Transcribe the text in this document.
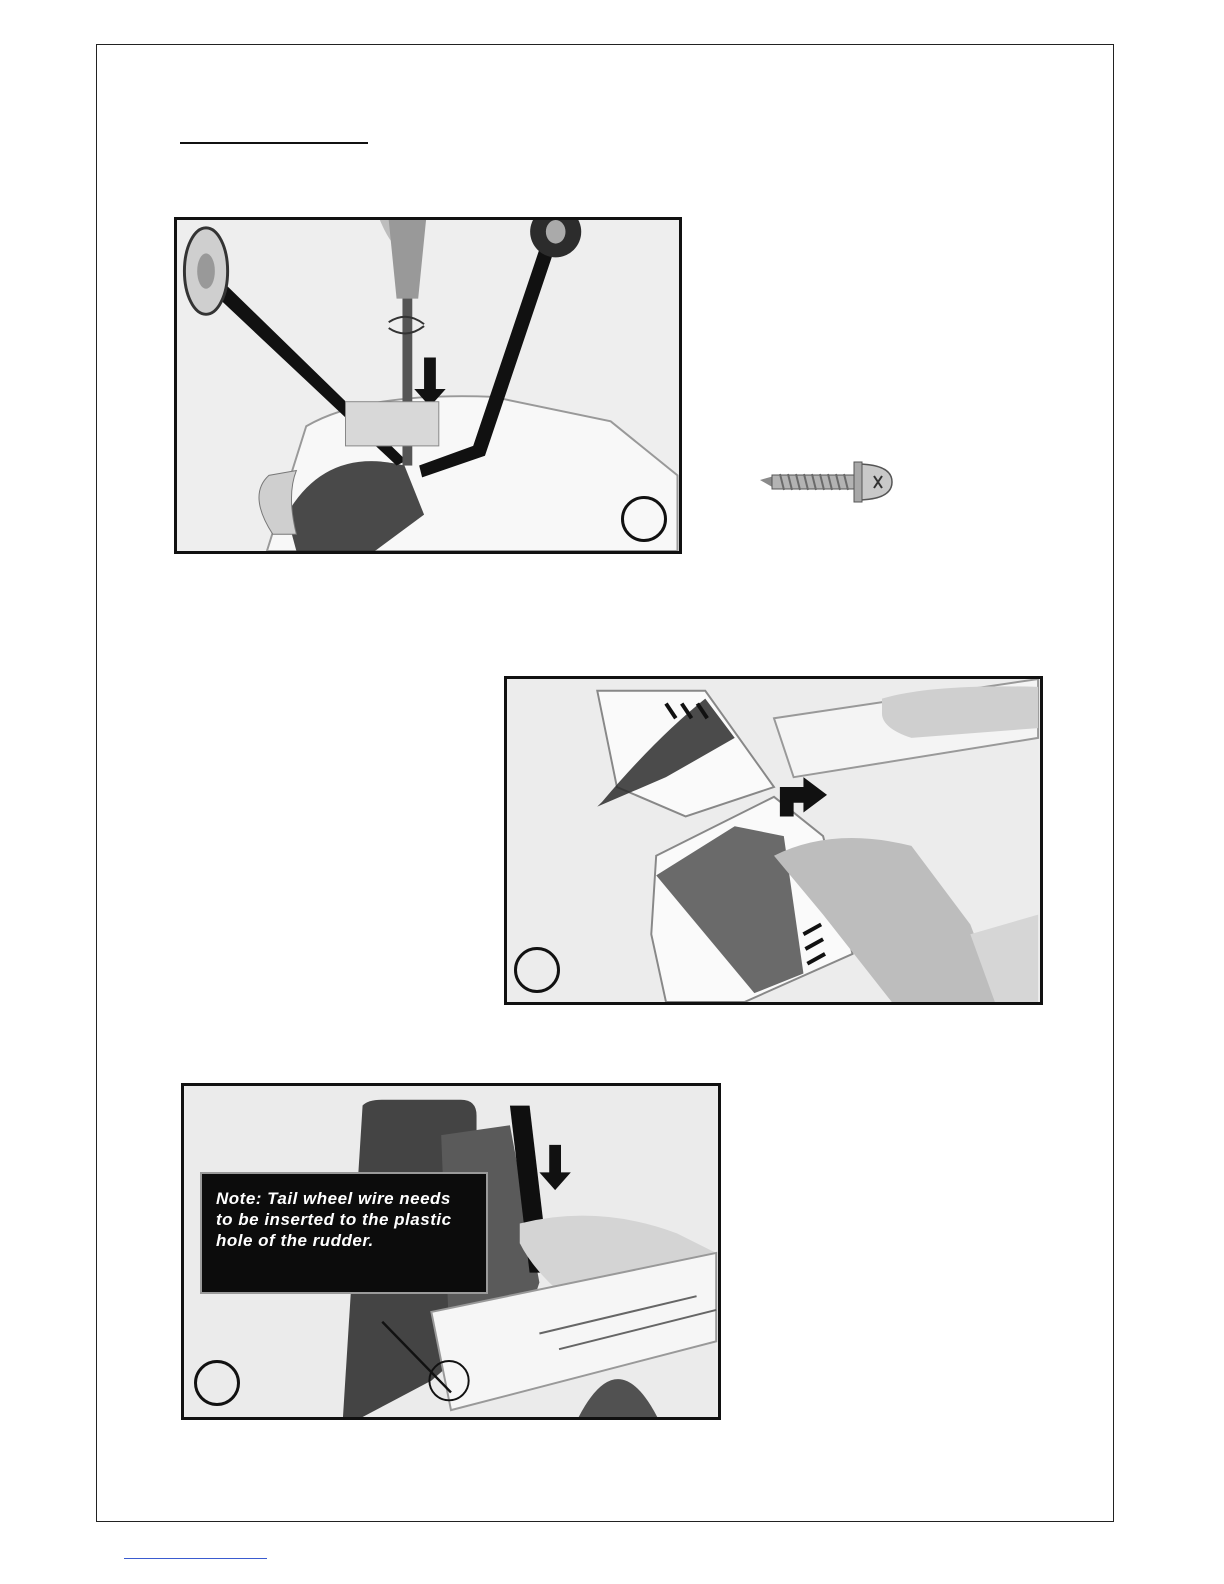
Note: Tail wheel wire needs
to be inserted to the plastic
hole of the rudder.
